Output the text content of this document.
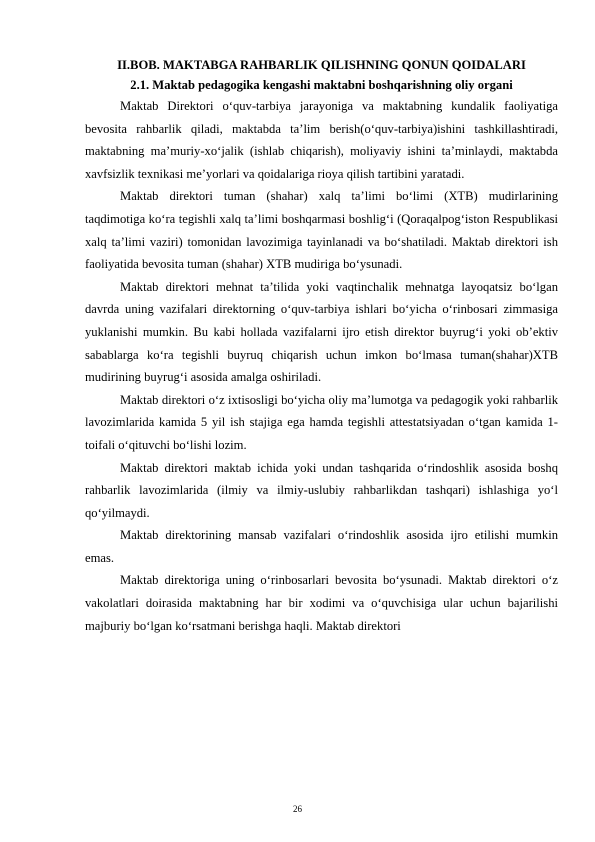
II.BOB. MAKTABGA RAHBARLIK QILISHNING QONUN QOIDALARI

2.1. Maktab pedagogika kengashi maktabni boshqarishning oliy organi

Maktab Direktori o‘quv-tarbiya jarayoniga va maktabning kundalik faoliyatiga bevosita rahbarlik qiladi, maktabda ta’lim berish(o‘quv-tarbiya)ishini tashkillashtiradi, maktabning ma’muriy-xo‘jalik (ishlab chiqarish), moliyaviy ishini ta’minlaydi, maktabda xavfsizlik texnikasi me’yorlari va qoidalariga rioya qilish tartibini yaratadi.

Maktab direktori tuman (shahar) xalq ta’limi bo‘limi (XTB) mudirlarining taqdimotiga ko‘ra tegishli xalq ta’limi boshqarmasi boshlig‘i (Qoraqalpog‘iston Respublikasi xalq ta’limi vaziri) tomonidan lavozimiga tayinlanadi va bo‘shatiladi. Maktab direktori ish faoliyatida bevosita tuman (shahar) XTB mudiriga bo‘ysunadi.

Maktab direktori mehnat ta’tilida yoki vaqtinchalik mehnatga layoqatsiz bo‘lgan davrda uning vazifalari direktorning o‘quv-tarbiya ishlari bo‘yicha o‘rinbosari zimmasiga yuklanishi mumkin. Bu kabi hollada vazifalarni ijro etish direktor buyrug‘i yoki ob’ektiv sabablarga ko‘ra tegishli buyruq chiqarish uchun imkon bo‘lmasa tuman(shahar)XTB mudirining buyrug‘i asosida amalga oshiriladi.

Maktab direktori o‘z ixtisosligi bo‘yicha oliy ma’lumotga va pedagogik yoki rahbarlik lavozimlarida kamida 5 yil ish stajiga ega hamda tegishli attestatsiyadan o‘tgan kamida 1-toifali o‘qituvchi bo‘lishi lozim.

Maktab direktori maktab ichida yoki undan tashqarida o‘rindoshlik asosida boshq rahbarlik lavozimlarida (ilmiy va ilmiy-uslubiy rahbarlikdan tashqari) ishlashiga yo‘l qo‘yilmaydi.

Maktab direktorining mansab vazifalari o‘rindoshlik asosida ijro etilishi mumkin emas.

Maktab direktoriga uning o‘rinbosarlari bevosita bo‘ysunadi. Maktab direktori o‘z vakolatlari doirasida maktabning har bir xodimi va o‘quvchisiga ular uchun bajarilishi majburiy bo‘lgan ko‘rsatmani berishga haqli. Maktab direktori

26
